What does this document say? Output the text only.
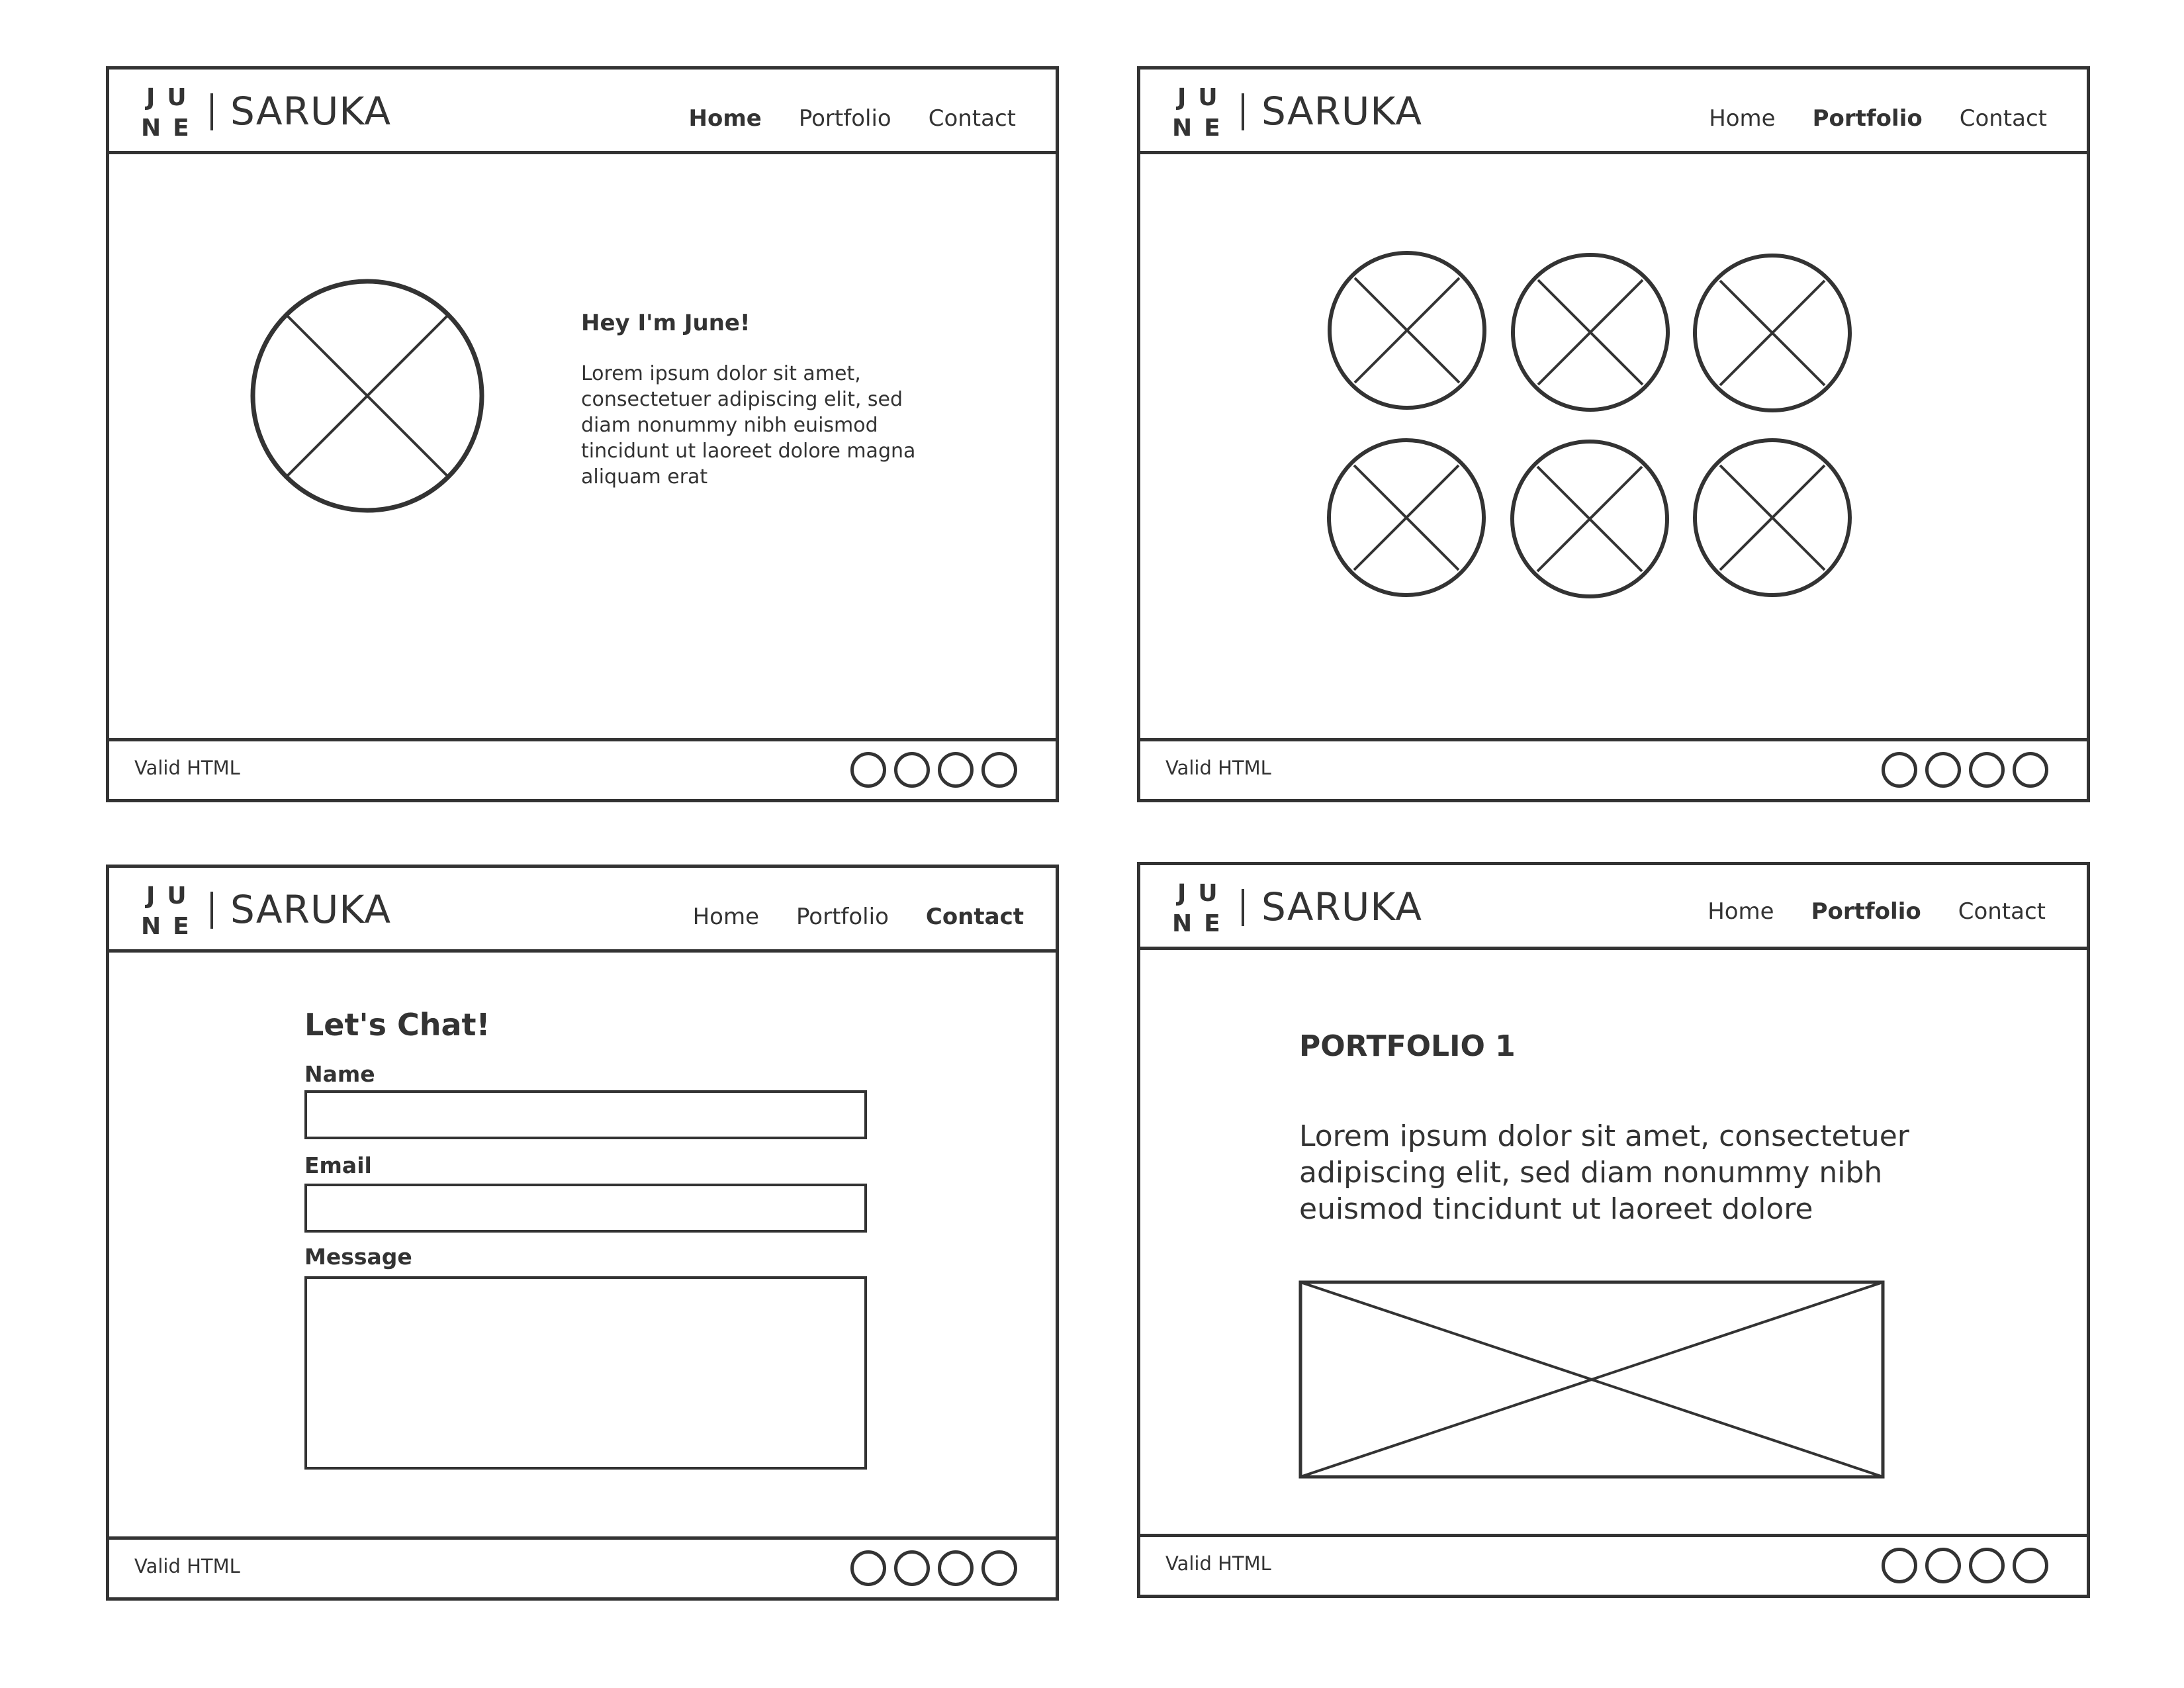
JU
NE SARUKA	Home Portfolio Contact
Hey I'm June!
Lorem ipsum dolor sit amet,
consectetuer adipiscing elit, sed
diam nonummy nibh euismod
tincidunt ut laoreet dolore magna
aliquam erat
Valid HTML
JU
NE SARUKA	Home Portfolio Contact
Valid HTML
JU
NE SARUKA	Home Portfolio Contact
Let's Chat!
Name
Email
Message
Valid HTML
JU
NE SARUKA	Home Portfolio Contact
PORTFOLIO 1
Lorem ipsum dolor sit amet, consectetuer
adipiscing elit, sed diam nonummy nibh
euismod tincidunt ut laoreet dolore
Valid HTML
